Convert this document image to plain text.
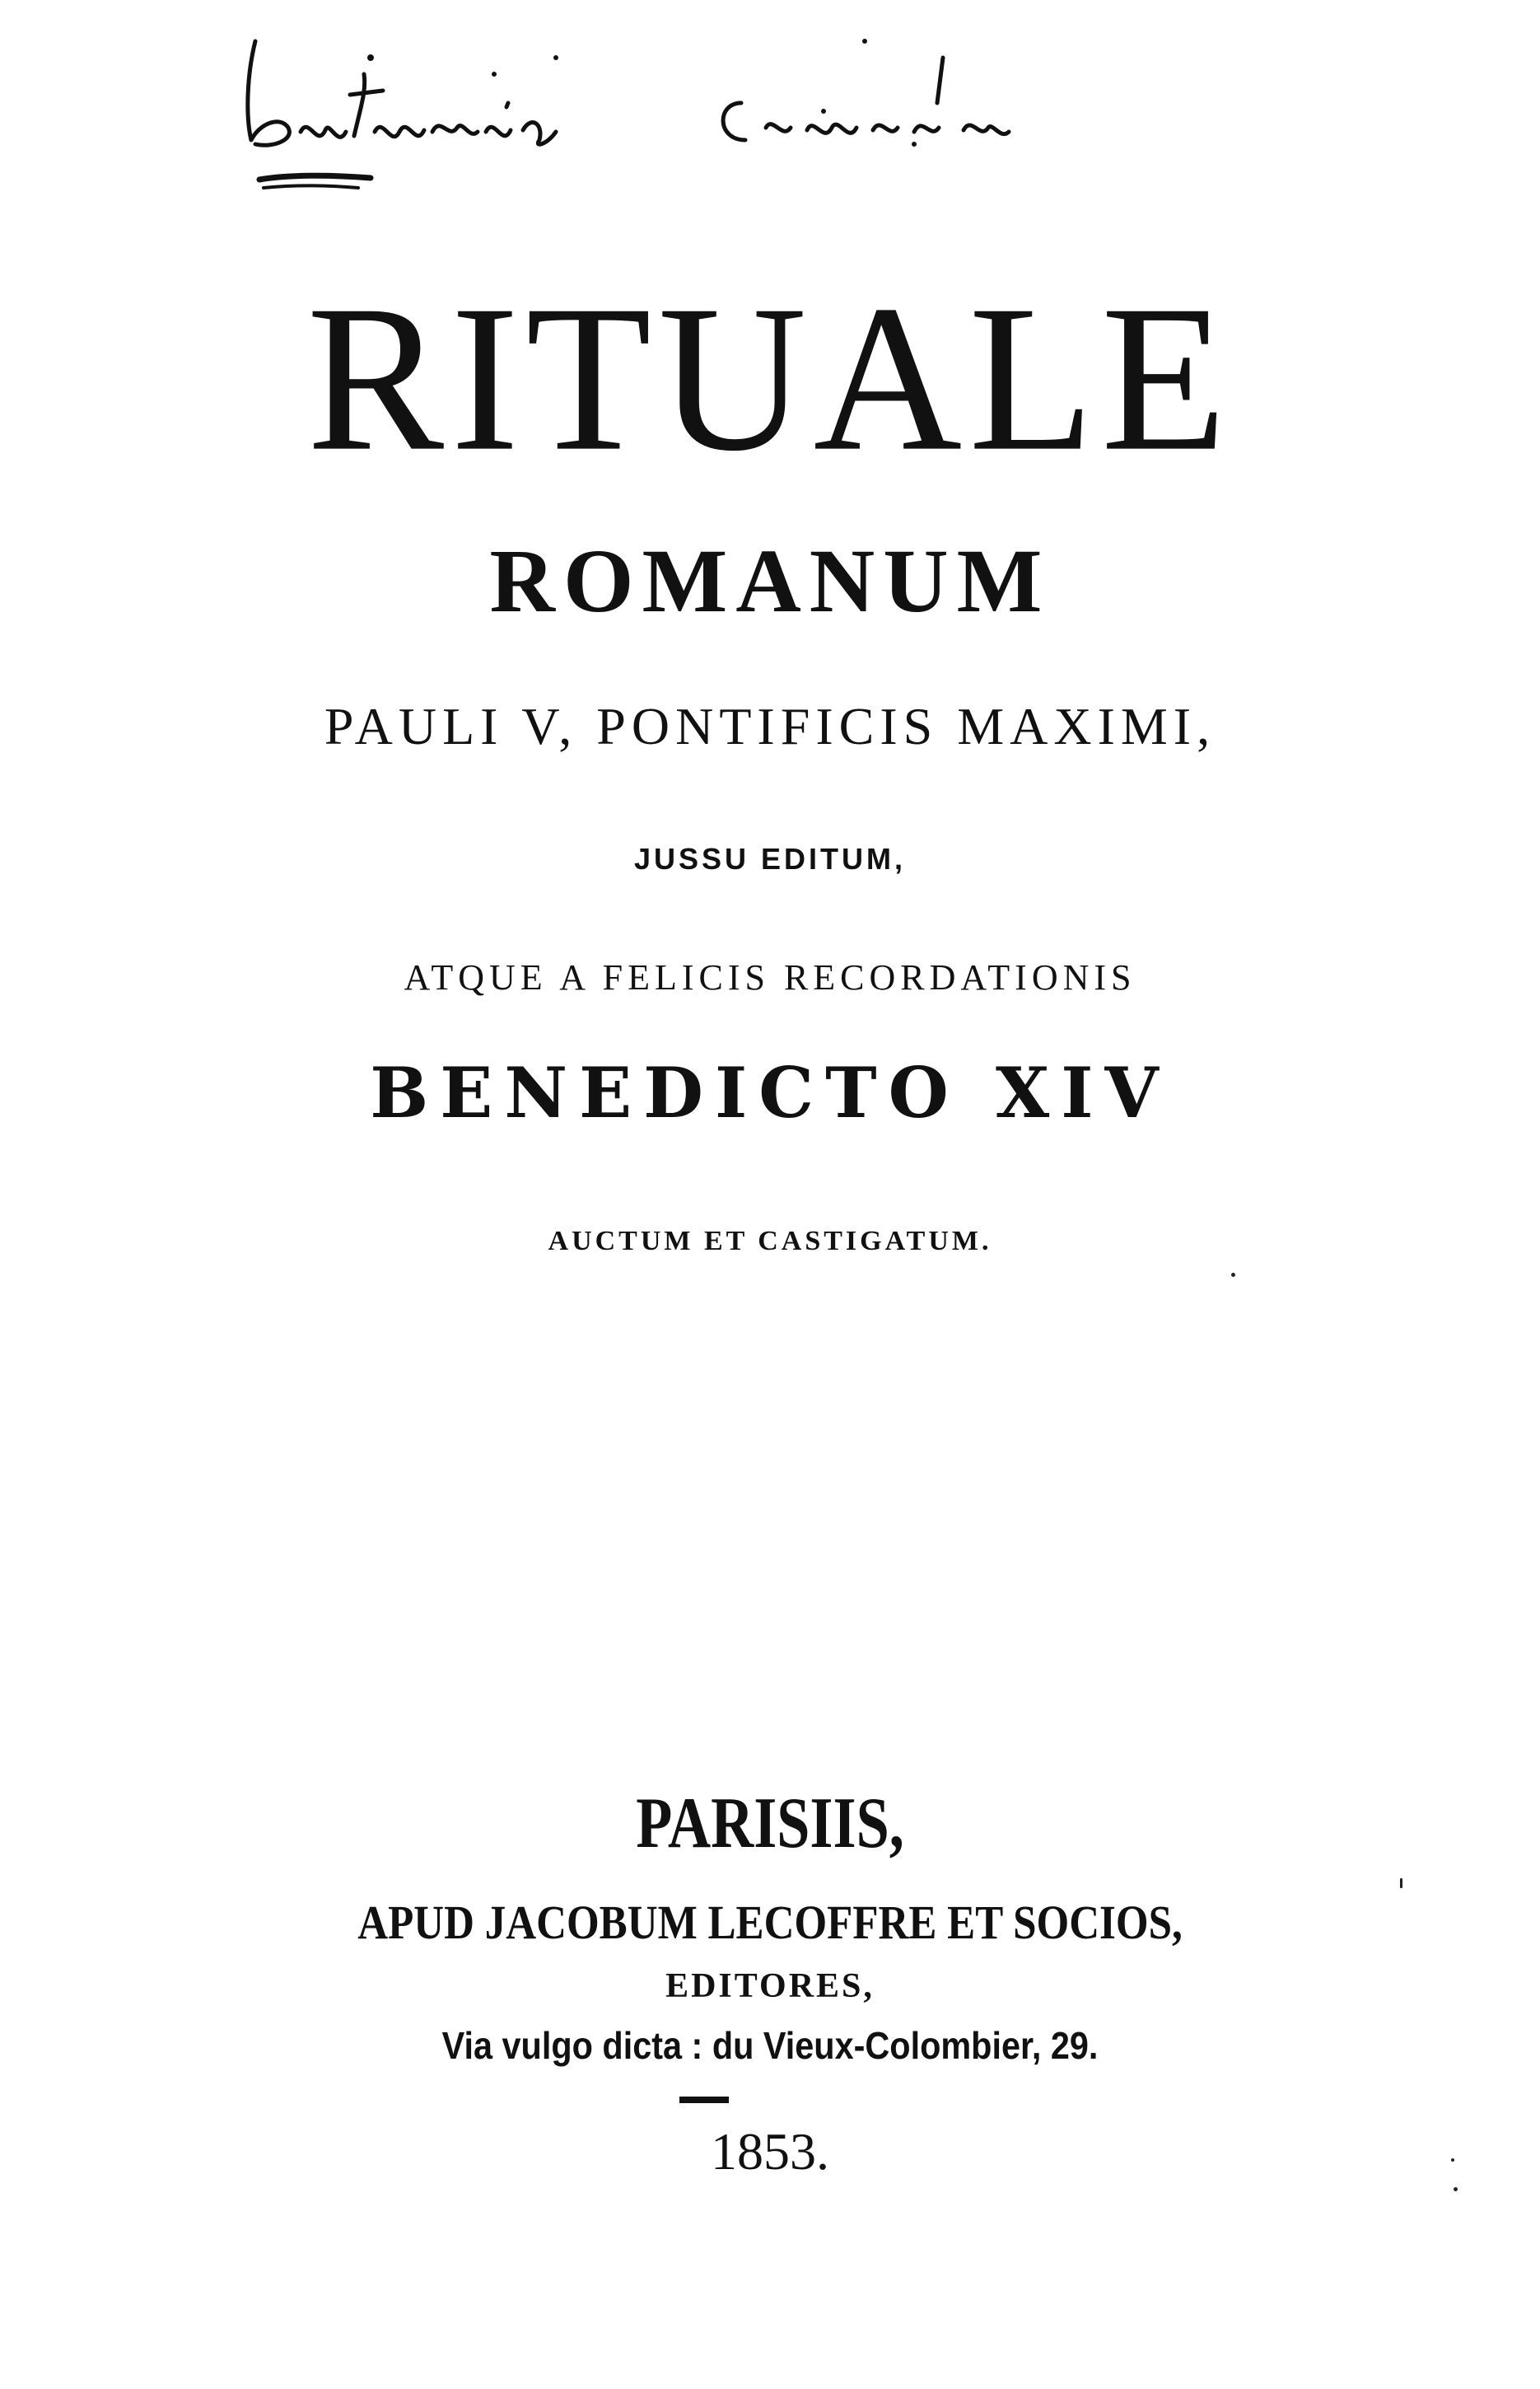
RITUALE
ROMANUM
PAULI V, PONTIFICIS MAXIMI,
JUSSU EDITUM,
ATQUE A FELICIS RECORDATIONIS
BENEDICTO XIV
AUCTUM ET CASTIGATUM.
PARISIIS,
APUD JACOBUM LECOFFRE ET SOCIOS,
EDITORES,
Via vulgo dicta : du Vieux-Colombier, 29.
1853.
